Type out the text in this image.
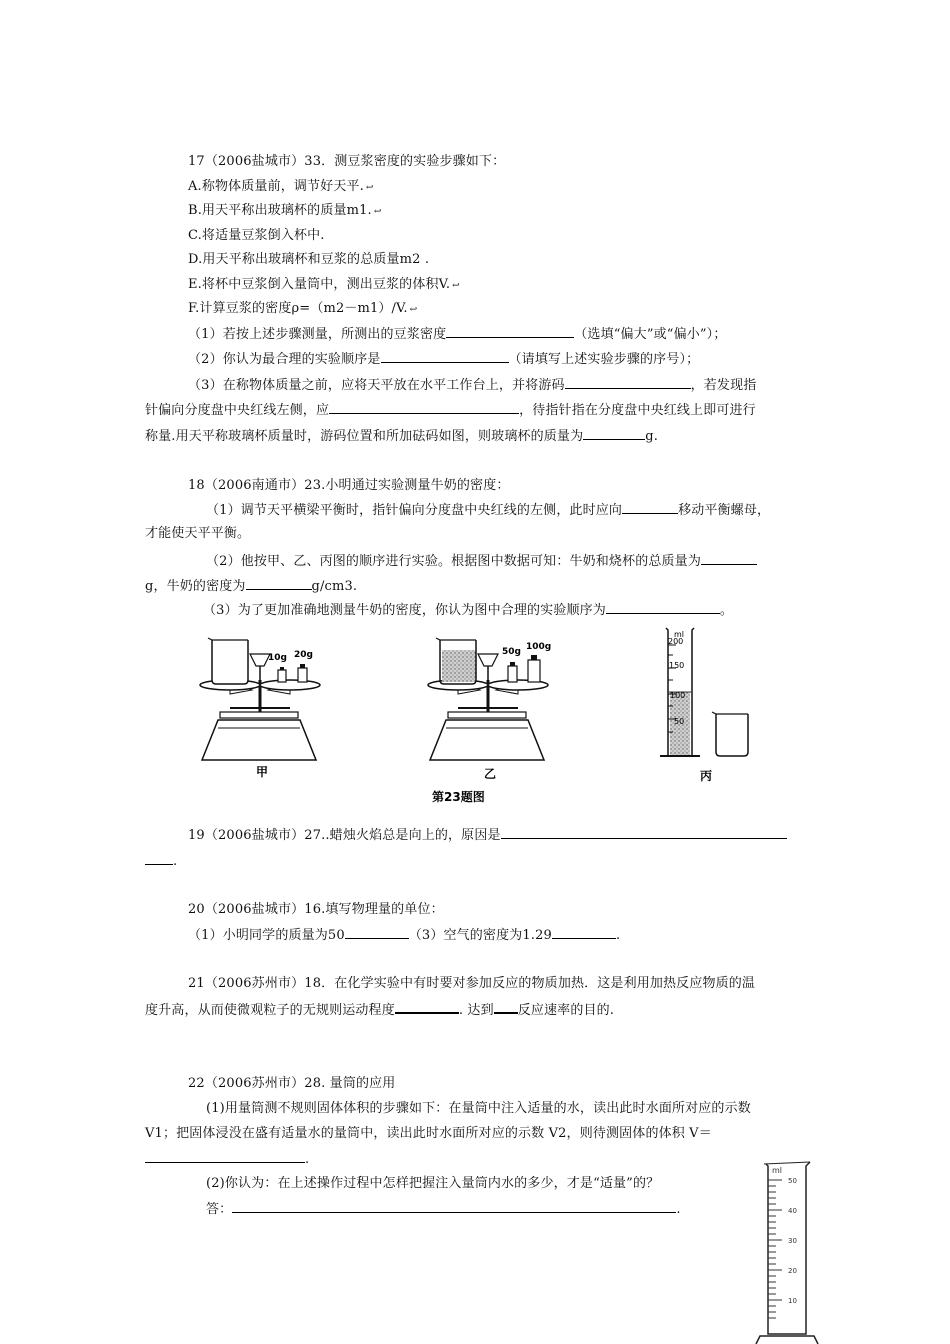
17（2006盐城市）33．测豆浆密度的实验步骤如下：
A.称物体质量前，调节好天平. ↩
B.用天平称出玻璃杯的质量m1. ↩
C.将适量豆浆倒入杯中.
D.用天平称出玻璃杯和豆浆的总质量m2 .
E.将杯中豆浆倒入量筒中，测出豆浆的体积V. ↩
F.计算豆浆的密度ρ=（m2－m1）/V. ↩
（1）若按上述步骤测量，所测出的豆浆密度	（选填“偏大”或“偏小”）；
（2）你认为最合理的实验顺序是	（请填写上述实验步骤的序号）；
（3）在称物体质量之前，应将天平放在水平工作台上，并将游码	，若发现指
针偏向分度盘中央红线左侧，应	，待指针指在分度盘中央红线上即可进行
称量.用天平称玻璃杯质量时，游码位置和所加砝码如图，则玻璃杯的质量为	g.
18（2006南通市）23.小明通过实验测量牛奶的密度：
（1）调节天平横梁平衡时，指针偏向分度盘中央红线的左侧，此时应向	移动平衡螺母，
才能使天平平衡。
（2）他按甲、乙、丙图的顺序进行实验。根据图中数据可知：牛奶和烧杯的总质量为
g，牛奶的密度为	g/cm3.
（3）为了更加准确地测量牛奶的密度，你认为图中合理的实验顺序为	。
10g 20g
甲
50g 100g
乙
ml
200
150
100
50
丙
第23题图
19（2006盐城市）27..蜡烛火焰总是向上的，原因是
.
20（2006盐城市）16.填写物理量的单位：
（1）小明同学的质量为50	（3）空气的密度为1.29	.
21（2006苏州市）18．在化学实验中有时要对参加反应的物质加热．这是利用加热反应物质的温
度升高，从而使微观粒子的无规则运动程度	. 达到 反应速率的目的.
22（2006苏州市）28. 量筒的应用
(1)用量筒测不规则固体体积的步骤如下：在量筒中注入适量的水，读出此时水面所对应的示数
V1；把固体浸没在盛有适量水的量筒中，读出此时水面所对应的示数 V2，则待测固体的体积 V＝
.
(2)你认为：在上述操作过程中怎样把握注入量筒内水的多少，才是“适量”的？
答：	.
ml
50
40
30
20
10
